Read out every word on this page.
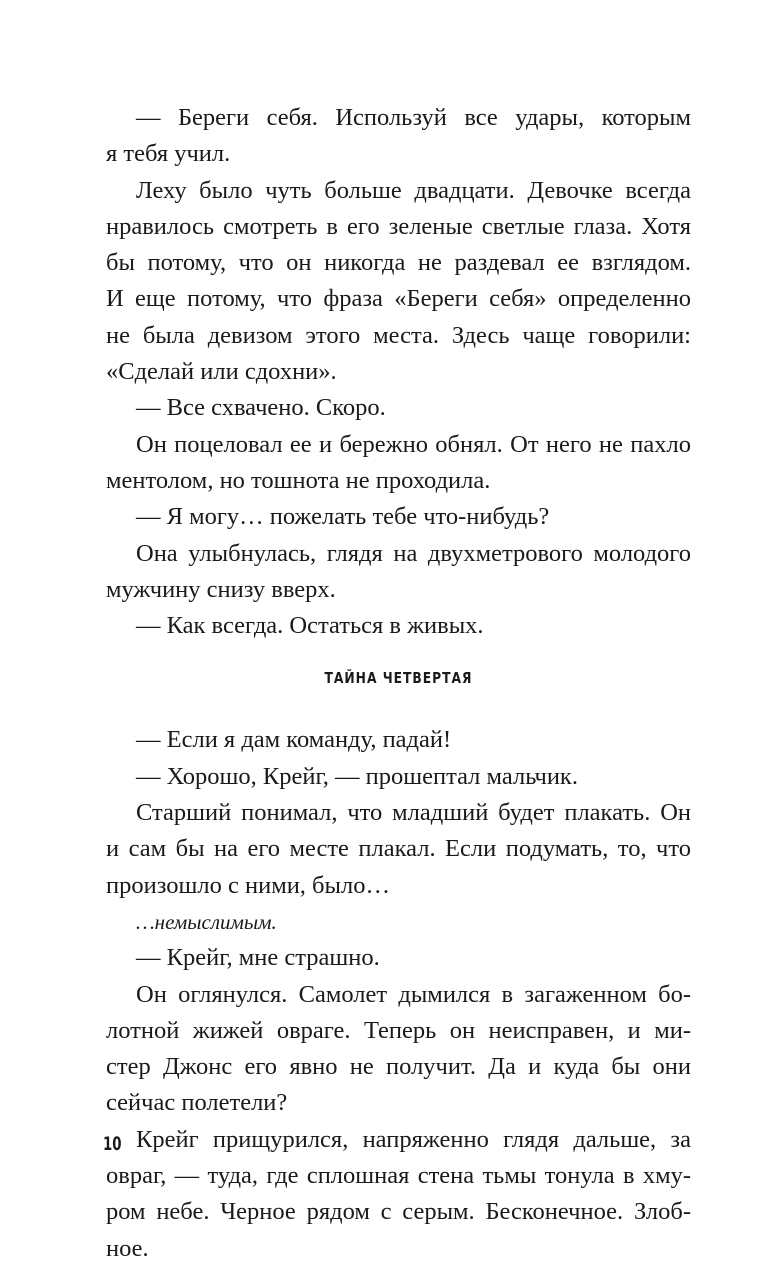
— Береги себя. Используй все удары, которым
я тебя учил.
Леху было чуть больше двадцати. Девочке всегда
нравилось смотреть в его зеленые светлые глаза. Хотя
бы потому, что он никогда не раздевал ее взглядом.
И еще потому, что фраза «Береги себя» определенно
не была девизом этого места. Здесь чаще говорили:
«Сделай или сдохни».
— Все схвачено. Скоро.
Он поцеловал ее и бережно обнял. От него не пахло
ментолом, но тошнота не проходила.
— Я могу… пожелать тебе что-нибудь?
Она улыбнулась, глядя на двухметрового молодого
мужчину снизу вверх.
— Как всегда. Остаться в живых.
ТАЙНА ЧЕТВЕРТАЯ
— Если я дам команду, падай!
— Хорошо, Крейг, — прошептал мальчик.
Старший понимал, что младший будет плакать. Он
и сам бы на его месте плакал. Если подумать, то, что
произошло с ними, было…
…немыслимым.
— Крейг, мне страшно.
Он оглянулся. Самолет дымился в загаженном бо-
лотной жижей овраге. Теперь он неисправен, и ми-
стер Джонс его явно не получит. Да и куда бы они
сейчас полетели?
Крейг прищурился, напряженно глядя дальше, за
овраг, — туда, где сплошная стена тьмы тонула в хму-
ром небе. Черное рядом с серым. Бесконечное. Злоб-
ное.
10
